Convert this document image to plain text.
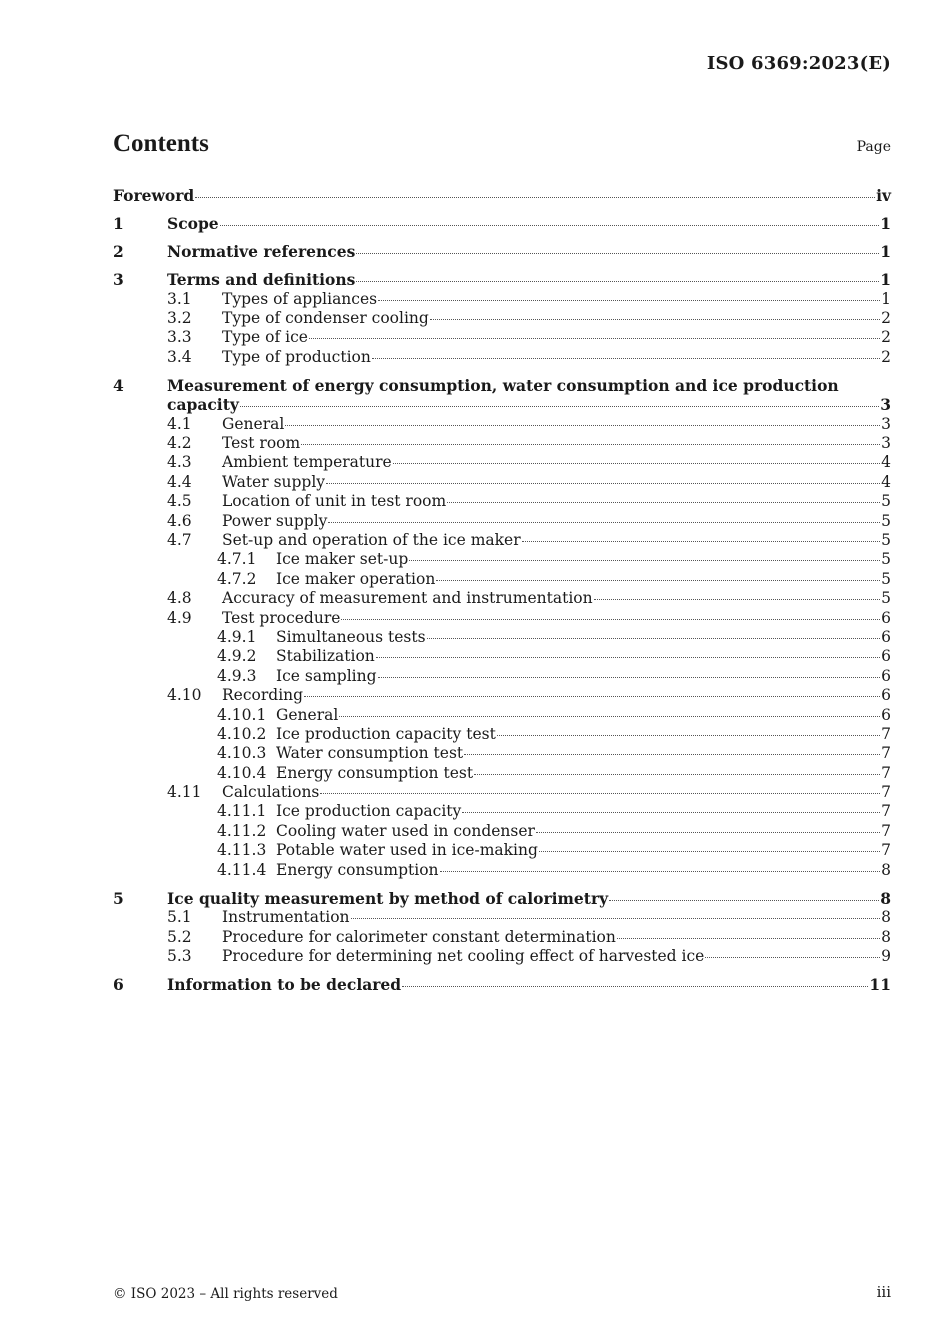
ISO 6369:2023(E)
Contents	Page
Foreword	iv
1	Scope	1
2	Normative references	1
3	Terms and definitions	1
3.1 Types of appliances	1
3.2 Type of condenser cooling	2
3.3 Type of ice	2
3.4 Type of production	2
4	Measurement of energy consumption, water consumption and ice production
capacity	3
4.1 General	3
4.2 Test room	3
4.3 Ambient temperature	4
4.4 Water supply	4
4.5 Location of unit in test room	5
4.6 Power supply	5
4.7 Set-up and operation of the ice maker	5
4.7.1 Ice maker set-up	5
4.7.2 Ice maker operation	5
4.8 Accuracy of measurement and instrumentation	5
4.9 Test procedure	6
4.9.1 Simultaneous tests	6
4.9.2 Stabilization	6
4.9.3 Ice sampling	6
4.10 Recording	6
4.10.1 General	6
4.10.2 Ice production capacity test	7
4.10.3 Water consumption test	7
4.10.4 Energy consumption test	7
4.11 Calculations	7
4.11.1 Ice production capacity	7
4.11.2 Cooling water used in condenser	7
4.11.3 Potable water used in ice-making	7
4.11.4 Energy consumption	8
5	Ice quality measurement by method of calorimetry	8
5.1 Instrumentation	8
5.2 Procedure for calorimeter constant determination	8
5.3 Procedure for determining net cooling effect of harvested ice	9
6	Information to be declared	11
© ISO 2023 – All rights reserved	iii
